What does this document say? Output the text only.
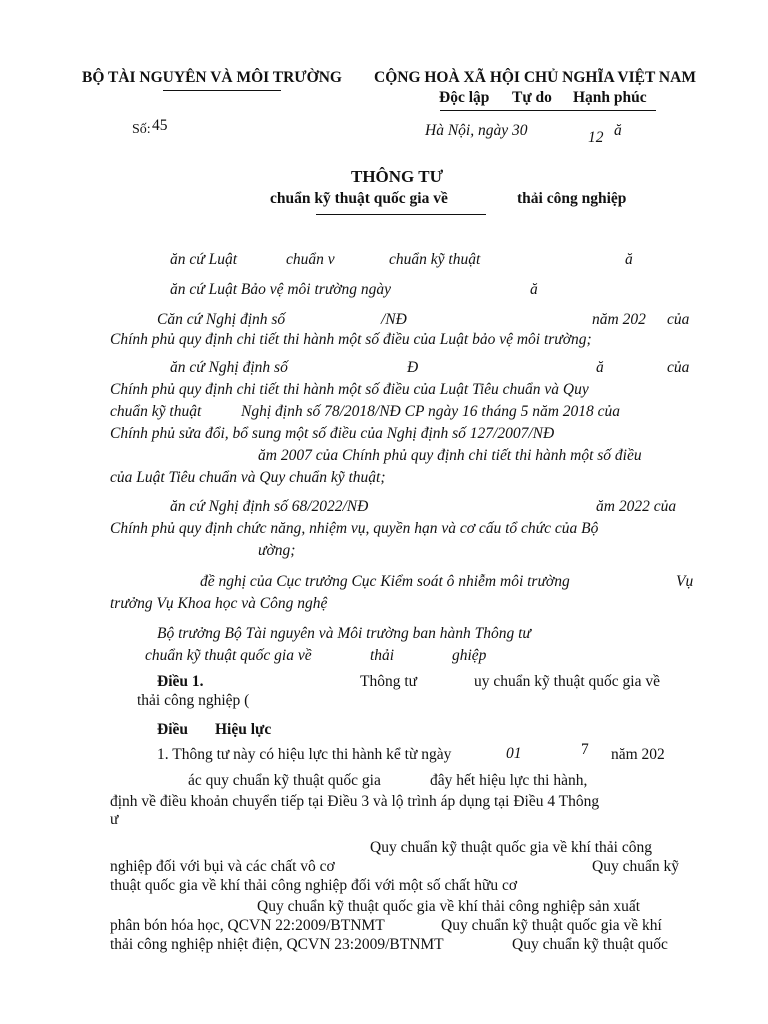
BỘ TÀI NGUYÊN VÀ MÔI TRƯỜNG CỘNG HOÀ XÃ HỘI CHỦ NGHĨA VIỆT NAM
Độc lập Tự do Hạnh phúc
Số: 45	Hà Nội, ngày 30	12 ă
THÔNG TƯ
chuẩn kỹ thuật quốc gia về	thải công nghiệp
ăn cứ Luật	chuẩn v	chuẩn kỹ thuật	ă
ăn cứ Luật Bảo vệ môi trường ngày	ă
Căn cứ Nghị định số	/NĐ	năm 202 của
Chính phủ quy định chi tiết thi hành một số điều của Luật bảo vệ môi trường;
ăn cứ Nghị định số	Đ	ă	của
Chính phủ quy định chi tiết thi hành một số điều của Luật Tiêu chuẩn và Quy
chuẩn kỹ thuật	Nghị định số 78/2018/NĐ CP ngày 16 tháng 5 năm 2018 của
Chính phủ sửa đổi, bổ sung một số điều của Nghị định số 127/2007/NĐ
ăm 2007 của Chính phủ quy định chi tiết thi hành một số điều
của Luật Tiêu chuẩn và Quy chuẩn kỹ thuật;
ăn cứ Nghị định số 68/2022/NĐ	ăm 2022 của
Chính phủ quy định chức năng, nhiệm vụ, quyền hạn và cơ cấu tổ chức của Bộ
ường;
đề nghị của Cục trưởng Cục Kiểm soát ô nhiễm môi trường	Vụ
trưởng Vụ Khoa học và Công nghệ
Bộ trưởng Bộ Tài nguyên và Môi trường ban hành Thông tư
chuẩn kỹ thuật quốc gia về	thải	ghiệp
Điều 1.	Thông tư	uy chuẩn kỹ thuật quốc gia về
thải công nghiệp (
Điều Hiệu lực
1. Thông tư này có hiệu lực thi hành kể từ ngày	01	7 năm 202
ác quy chuẩn kỹ thuật quốc gia	đây hết hiệu lực thi hành,
định về điều khoản chuyển tiếp tại Điều 3 và lộ trình áp dụng tại Điều 4 Thông
ư
Quy chuẩn kỹ thuật quốc gia về khí thải công
nghiệp đối với bụi và các chất vô cơ	Quy chuẩn kỹ
thuật quốc gia về khí thải công nghiệp đối với một số chất hữu cơ
Quy chuẩn kỹ thuật quốc gia về khí thải công nghiệp sản xuất
phân bón hóa học, QCVN 22:2009/BTNMT	Quy chuẩn kỹ thuật quốc gia về khí
thải công nghiệp nhiệt điện, QCVN 23:2009/BTNMT	Quy chuẩn kỹ thuật quốc
